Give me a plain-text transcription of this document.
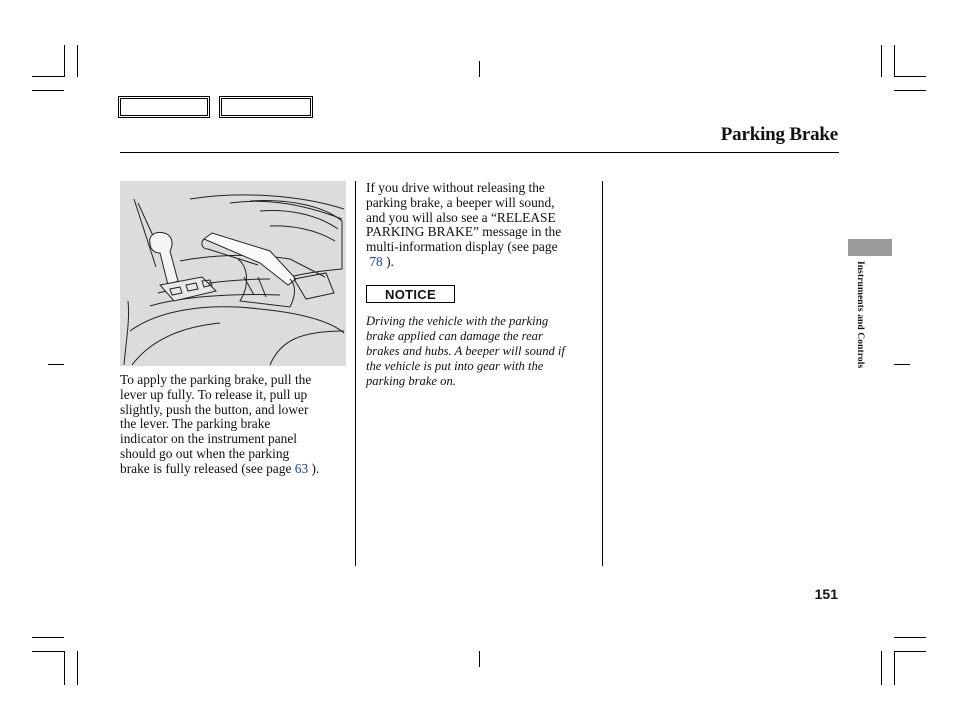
Parking Brake
To apply the parking brake, pull the
lever up fully. To release it, pull up
slightly, push the button, and lower
the lever. The parking brake
indicator on the instrument panel
should go out when the parking
brake is fully released (see page 63 ).
If you drive without releasing the
parking brake, a beeper will sound,
and you will also see a “RELEASE
PARKING BRAKE” message in the
multi-information display (see page
78 ).
NOTICE
Driving the vehicle with the parking
brake applied can damage the rear
brakes and hubs. A beeper will sound if
the vehicle is put into gear with the
parking brake on.
Instruments and Controls
151
